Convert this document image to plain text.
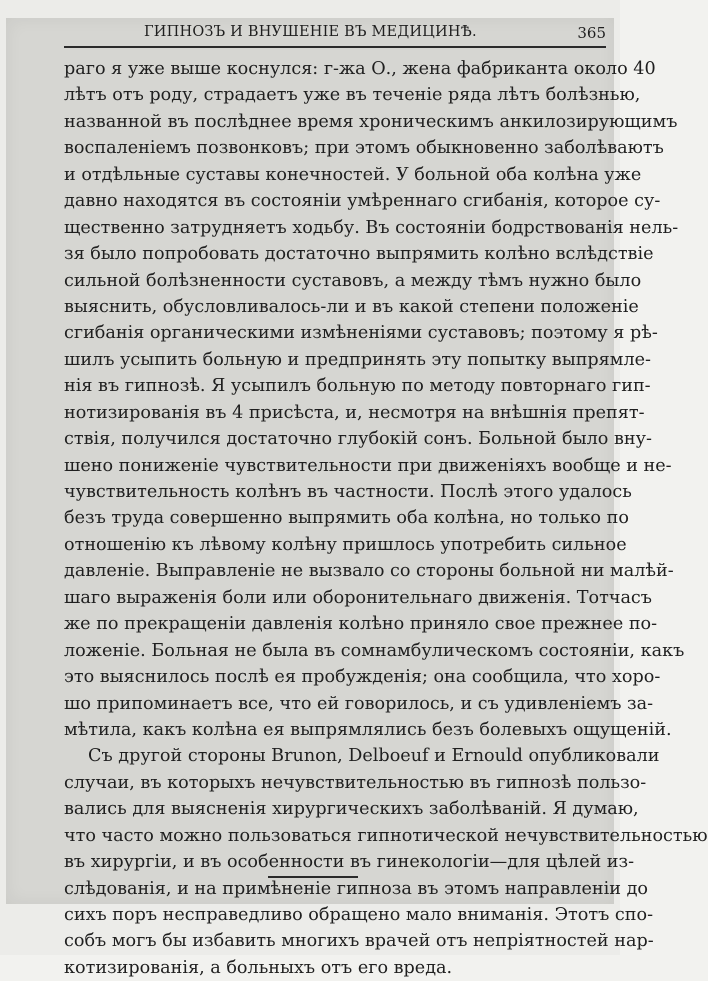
ГИПНОЗЪ И ВНУШЕНІЕ ВЪ МЕДИЦИНѢ.	365
раго я уже выше коснулся: г-жа О., жена фабриканта около 40
лѣтъ отъ роду, страдаетъ уже въ теченіе ряда лѣтъ болѣзнью,
названной въ послѣднее время хроническимъ анкилозирующимъ
воспаленіемъ позвонковъ; при этомъ обыкновенно заболѣваютъ
и отдѣльные суставы конечностей. У больной оба колѣна уже
давно находятся въ состояніи умѣреннаго сгибанія, которое су-
щественно затрудняетъ ходьбу. Въ состояніи бодрствованія нель-
зя было попробовать достаточно выпрямить колѣно вслѣдствіе
сильной болѣзненности суставовъ, а между тѣмъ нужно было
выяснить, обусловливалось-ли и въ какой степени положеніе
сгибанія органическими измѣненіями суставовъ; поэтому я рѣ-
шилъ усыпить больную и предпринять эту попытку выпрямле-
нія въ гипнозѣ. Я усыпилъ больную по методу повторнаго гип-
нотизированія въ 4 присѣста, и, несмотря на внѣшнія препят-
ствія, получился достаточно глубокій сонъ. Больной было вну-
шено пониженіе чувствительности при движеніяхъ вообще и не-
чувствительность колѣнъ въ частности. Послѣ этого удалось
безъ труда совершенно выпрямить оба колѣна, но только по
отношенію къ лѣвому колѣну пришлось употребить сильное
давленіе. Выправленіе не вызвало со стороны больной ни малѣй-
шаго выраженія боли или оборонительнаго движенія. Тотчасъ
же по прекращеніи давленія колѣно приняло свое прежнее по-
ложеніе. Больная не была въ сомнамбулическомъ состояніи, какъ
это выяснилось послѣ ея пробужденія; она сообщила, что хоро-
шо припоминаетъ все, что ей говорилось, и съ удивленіемъ за-
мѣтила, какъ колѣна ея выпрямлялись безъ болевыхъ ощущеній.
Съ другой стороны Brunon, Delboeuf и Ernould опубликовали
случаи, въ которыхъ нечувствительностью въ гипнозѣ пользо-
вались для выясненія хирургическихъ заболѣваній. Я думаю,
что часто можно пользоваться гипнотической нечувствительностью
въ хирургіи, и въ особенности въ гинекологіи—для цѣлей из-
слѣдованія, и на примѣненіе гипноза въ этомъ направленіи до
сихъ поръ несправедливо обращено мало вниманія. Этотъ спо-
собъ могъ бы избавить многихъ врачей отъ непріятностей нар-
котизированія, а больныхъ отъ его вреда.
